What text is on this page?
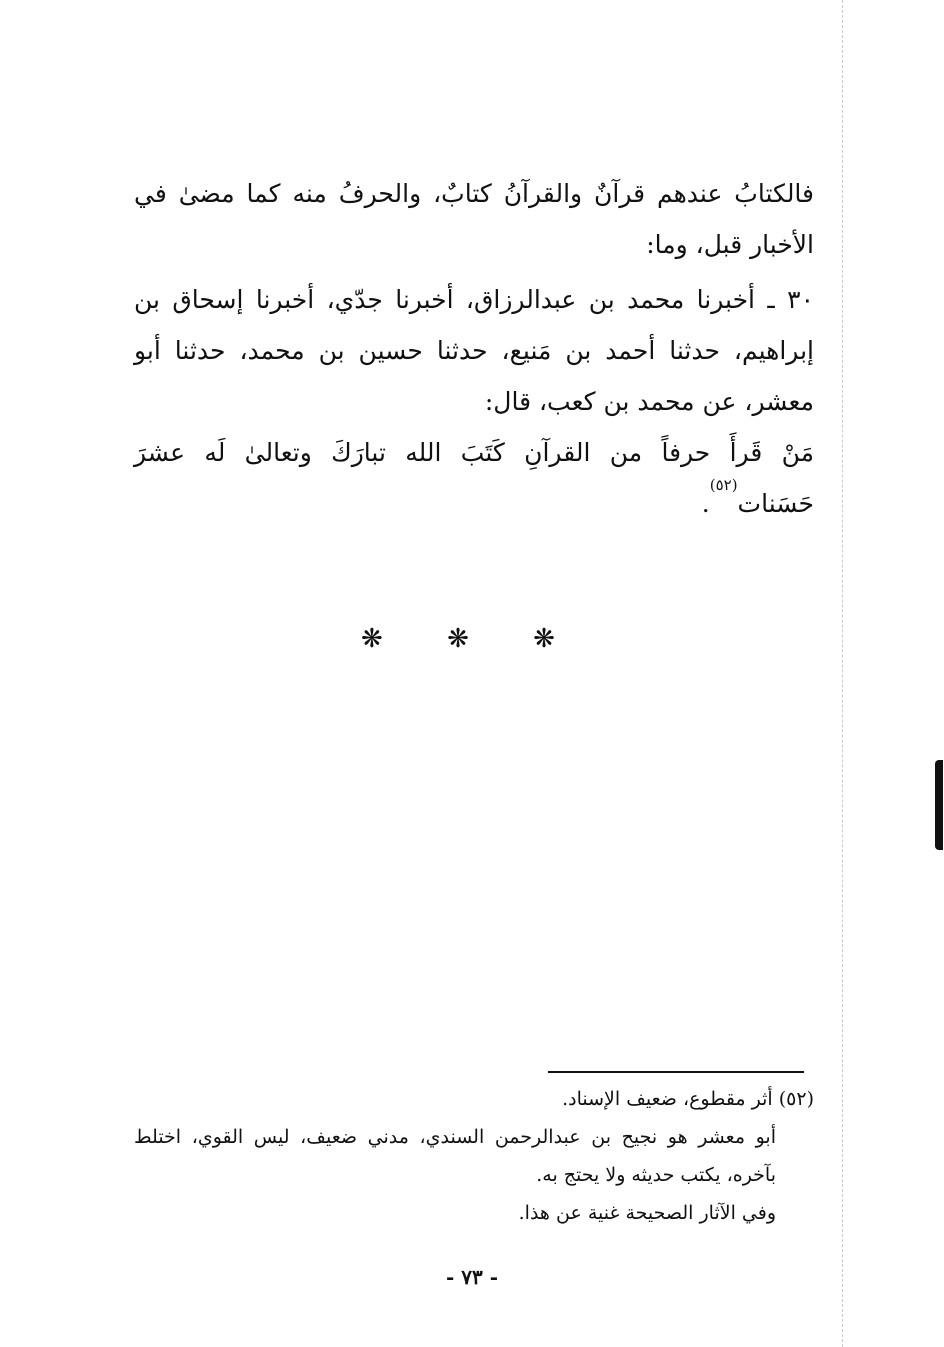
فالكتابُ عندهم قرآنٌ والقرآنُ كتابٌ، والحرفُ منه كما مضىٰ في الأخبار قبل، وما:

٣٠ ـ أخبرنا محمد بن عبدالرزاق، أخبرنا جدّي، أخبرنا إسحاق بن إبراهيم، حدثنا أحمد بن مَنيع، حدثنا حسين بن محمد، حدثنا أبو معشر، عن محمد بن كعب، قال:

مَنْ قَرأَ حرفاً من القرآنِ كَتَبَ الله تبارَكَ وتعالىٰ لَه عشرَ حَسَنات$^{(٥٢)}$.

❋ ❋ ❋

(٥٢) أثر مقطوع، ضعيف الإسناد.

أبو معشر هو نجيح بن عبدالرحمن السندي، مدني ضعيف، ليس القوي، اختلط بآخره، يكتب حديثه ولا يحتج به.

وفي الآثار الصحيحة غنية عن هذا.

- ٧٣ -
